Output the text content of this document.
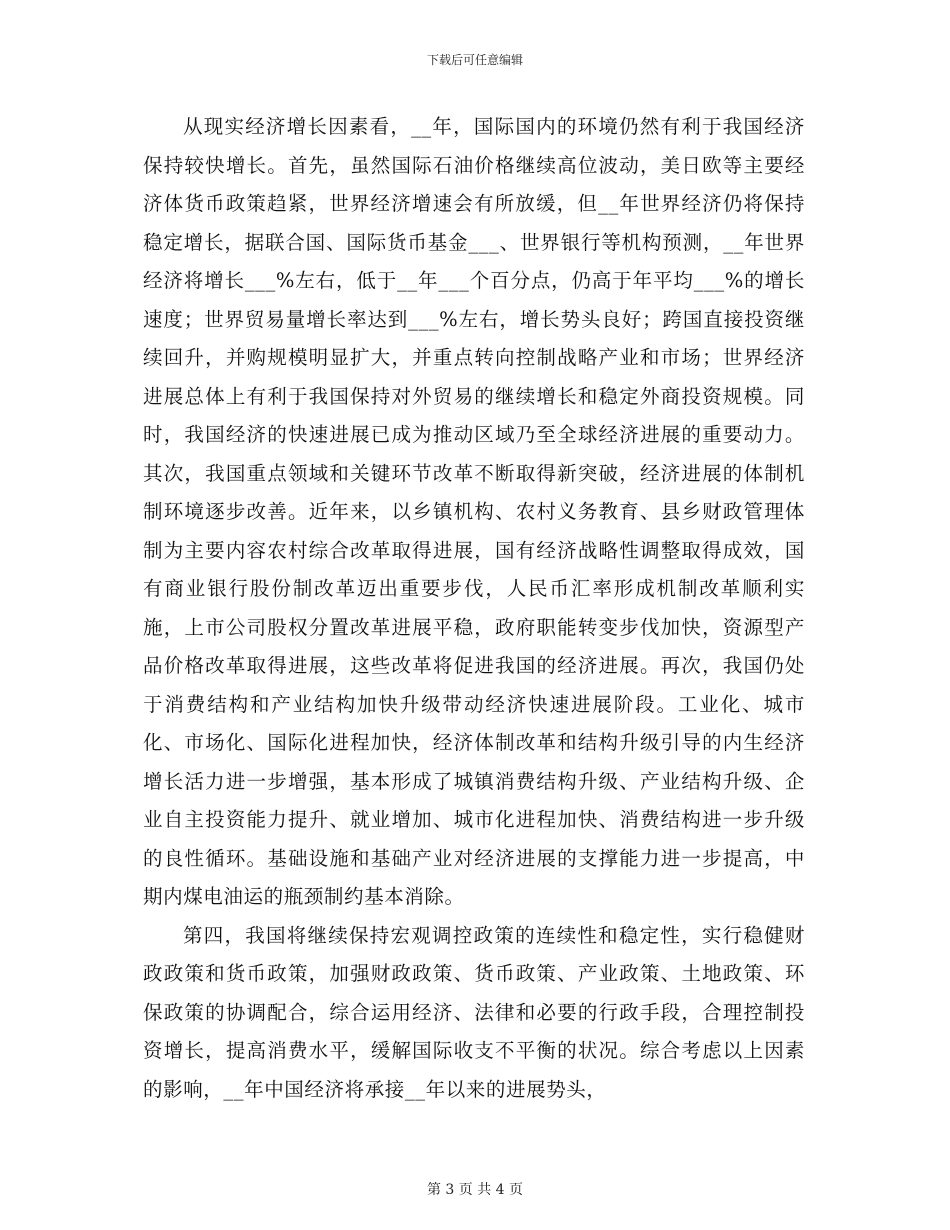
下载后可任意编辑

从现实经济增长因素看，__年，国际国内的环境仍然有利于我国经济保持较快增长。首先，虽然国际石油价格继续高位波动，美日欧等主要经济体货币政策趋紧，世界经济增速会有所放缓，但__年世界经济仍将保持稳定增长，据联合国、国际货币基金___、世界银行等机构预测，__年世界经济将增长___%左右，低于__年___个百分点，仍高于年平均___%的增长速度；世界贸易量增长率达到___%左右，增长势头良好；跨国直接投资继续回升，并购规模明显扩大，并重点转向控制战略产业和市场；世界经济进展总体上有利于我国保持对外贸易的继续增长和稳定外商投资规模。同时，我国经济的快速进展已成为推动区域乃至全球经济进展的重要动力。其次，我国重点领域和关键环节改革不断取得新突破，经济进展的体制机制环境逐步改善。近年来，以乡镇机构、农村义务教育、县乡财政管理体制为主要内容农村综合改革取得进展，国有经济战略性调整取得成效，国有商业银行股份制改革迈出重要步伐，人民币汇率形成机制改革顺利实施，上市公司股权分置改革进展平稳，政府职能转变步伐加快，资源型产品价格改革取得进展，这些改革将促进我国的经济进展。再次，我国仍处于消费结构和产业结构加快升级带动经济快速进展阶段。工业化、城市化、市场化、国际化进程加快，经济体制改革和结构升级引导的内生经济增长活力进一步增强，基本形成了城镇消费结构升级、产业结构升级、企业自主投资能力提升、就业增加、城市化进程加快、消费结构进一步升级的良性循环。基础设施和基础产业对经济进展的支撑能力进一步提高，中期内煤电油运的瓶颈制约基本消除。

第四，我国将继续保持宏观调控政策的连续性和稳定性，实行稳健财政政策和货币政策，加强财政政策、货币政策、产业政策、土地政策、环保政策的协调配合，综合运用经济、法律和必要的行政手段，合理控制投资增长，提高消费水平，缓解国际收支不平衡的状况。综合考虑以上因素的影响，__年中国经济将承接__年以来的进展势头，

第 3 页 共 4 页
